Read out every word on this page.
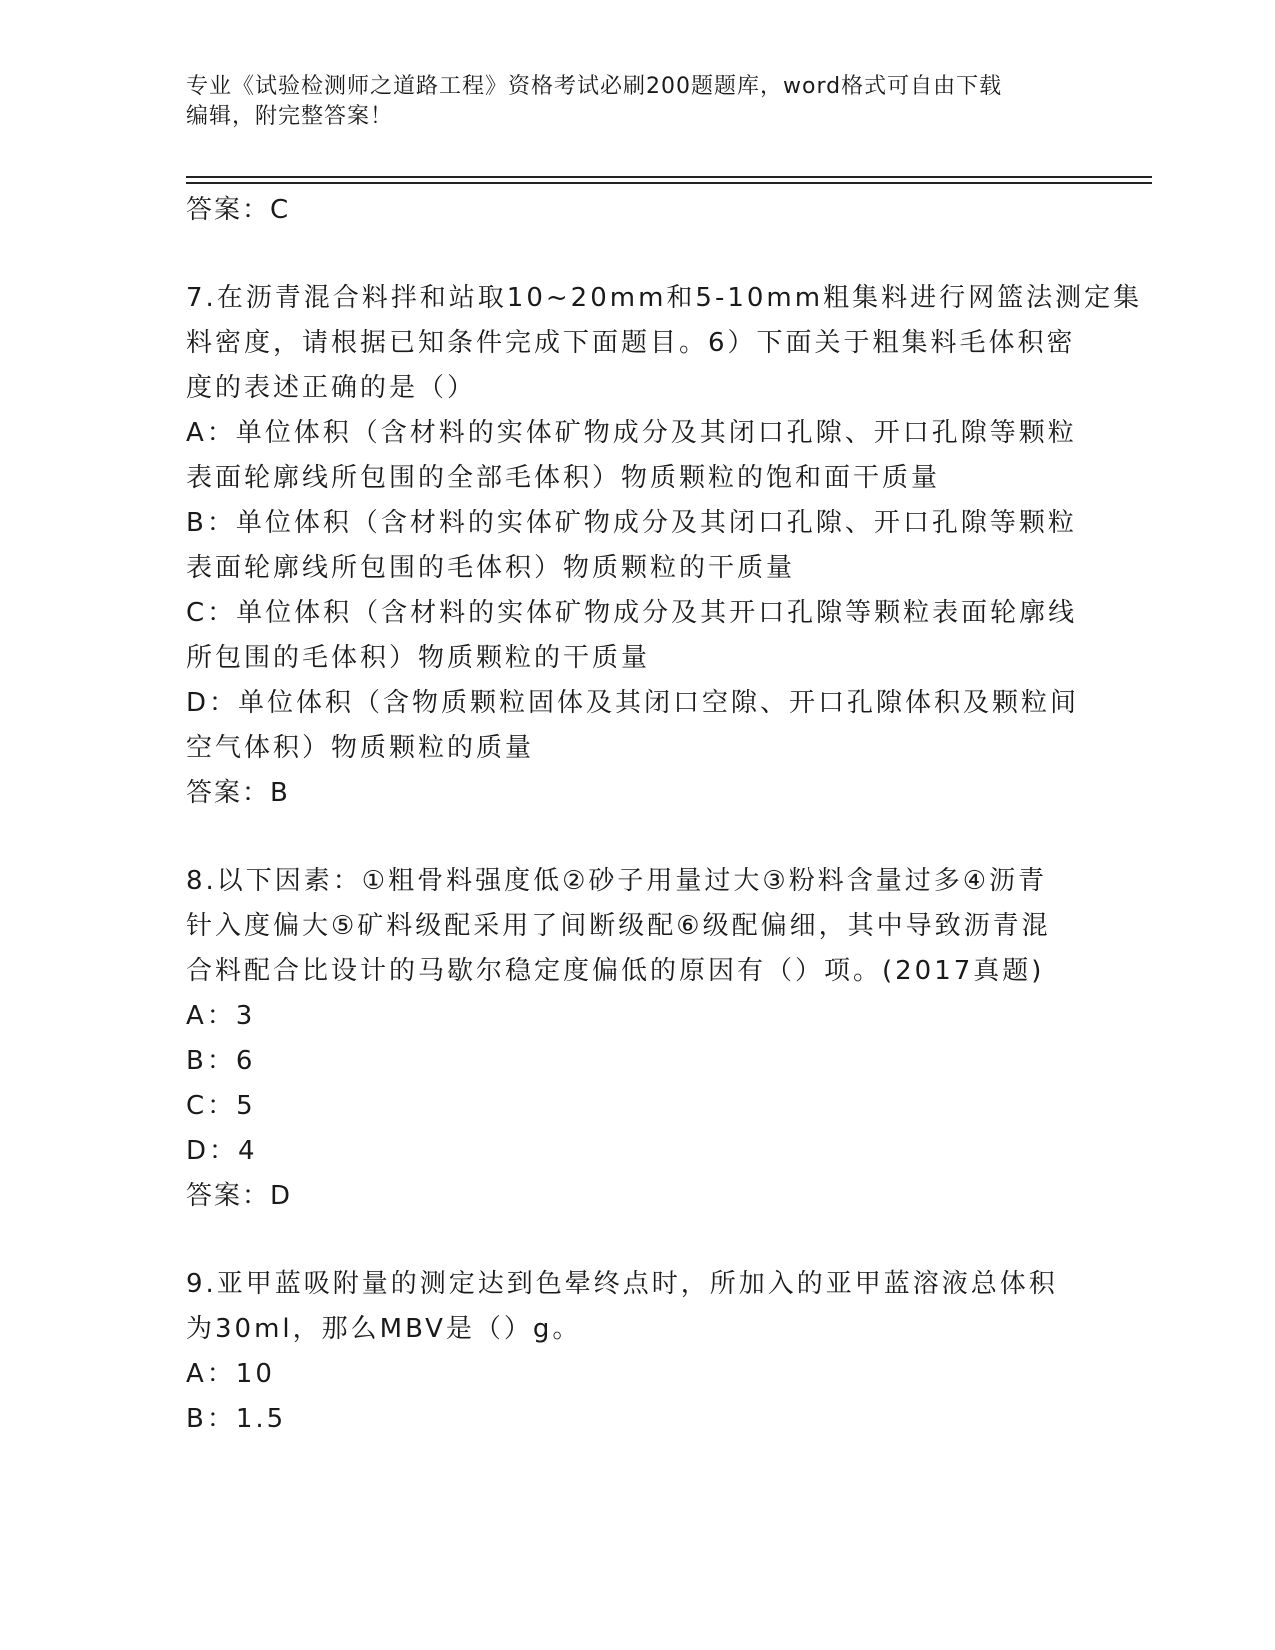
专业《试验检测师之道路工程》资格考试必刷200题题库，word格式可自由下载
编辑，附完整答案！
答案：C
7.在沥青混合料拌和站取10~20mm和5-10mm粗集料进行网篮法测定集
料密度，请根据已知条件完成下面题目。6）下面关于粗集料毛体积密
度的表述正确的是（）
A：单位体积（含材料的实体矿物成分及其闭口孔隙、开口孔隙等颗粒
表面轮廓线所包围的全部毛体积）物质颗粒的饱和面干质量
B：单位体积（含材料的实体矿物成分及其闭口孔隙、开口孔隙等颗粒
表面轮廓线所包围的毛体积）物质颗粒的干质量
C：单位体积（含材料的实体矿物成分及其开口孔隙等颗粒表面轮廓线
所包围的毛体积）物质颗粒的干质量
D：单位体积（含物质颗粒固体及其闭口空隙、开口孔隙体积及颗粒间
空气体积）物质颗粒的质量
答案：B
8.以下因素：①粗骨料强度低②砂子用量过大③粉料含量过多④沥青
针入度偏大⑤矿料级配采用了间断级配⑥级配偏细，其中导致沥青混
合料配合比设计的马歇尔稳定度偏低的原因有（）项。(2017真题)
A：3
B：6
C：5
D：4
答案：D
9.亚甲蓝吸附量的测定达到色晕终点时，所加入的亚甲蓝溶液总体积
为30ml，那么MBV是（）g。
A：10
B：1.5
